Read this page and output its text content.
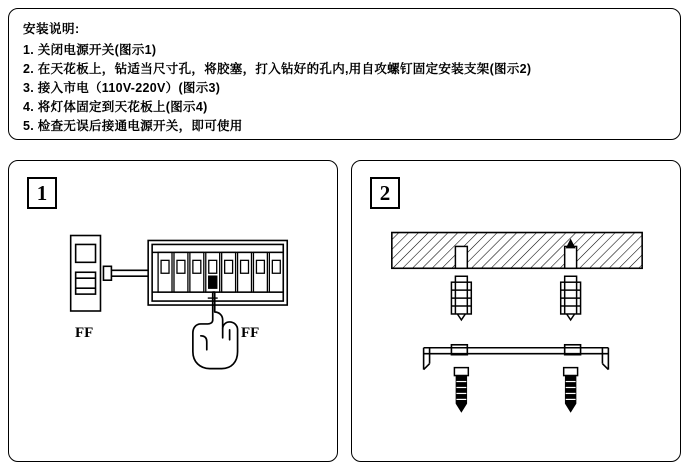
安装说明:
1. 关闭电源开关(图示1)
2. 在天花板上，钻适当尺寸孔，将胶塞，打入钻好的孔内,用自攻螺钉固定安装支架(图示2)
3. 接入市电（110V-220V）(图示3)
4. 将灯体固定到天花板上(图示4)
5. 检查无误后接通电源开关，即可使用
1
FF	FF
2
